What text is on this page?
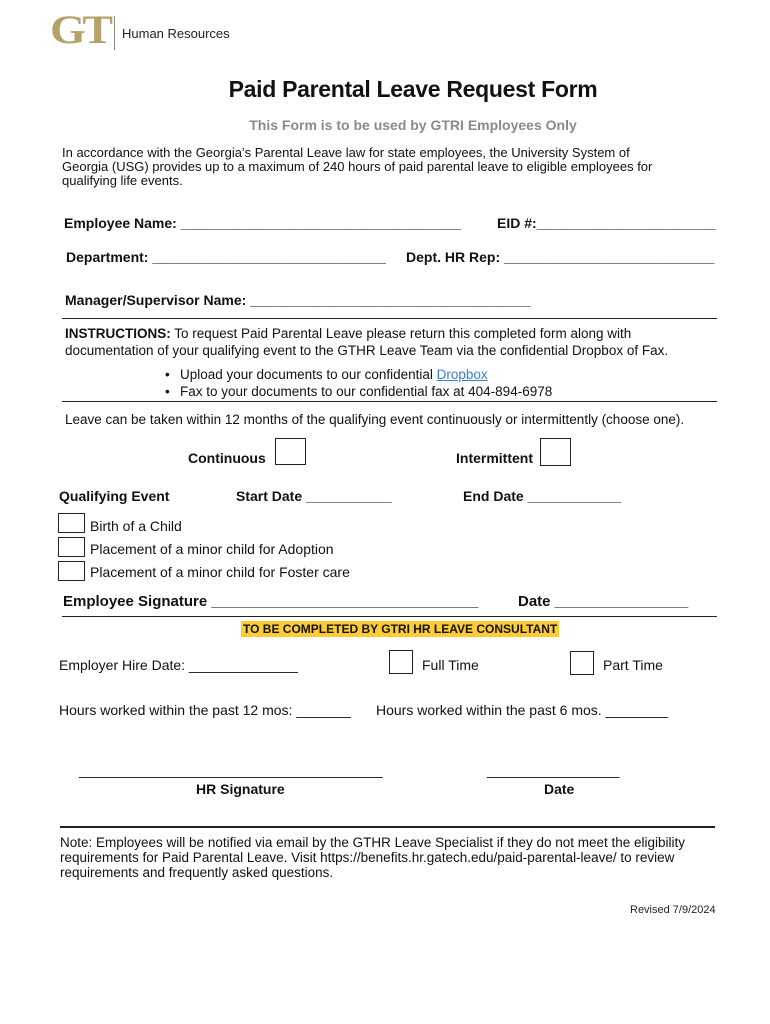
GT Human Resources
Paid Parental Leave Request Form
This Form is to be used by GTRI Employees Only
In accordance with the Georgia’s Parental Leave law for state employees, the University System of
Georgia (USG) provides up to a maximum of 240 hours of paid parental leave to eligible employees for
qualifying life events.
Employee Name: ____________________________________	EID #:_______________________
Department: ______________________________ Dept. HR Rep: ___________________________
Manager/Supervisor Name: ____________________________________
INSTRUCTIONS: To request Paid Parental Leave please return this completed form along with
documentation of your qualifying event to the GTHR Leave Team via the confidential Dropbox of Fax.
• Upload your documents to our confidential Dropbox
• Fax to your documents to our confidential fax at 404-894-6978
Leave can be taken within 12 months of the qualifying event continuously or intermittently (choose one).
Continuous	Intermittent
Qualifying Event	Start Date ___________	End Date ____________
Birth of a Child
Placement of a minor child for Adoption
Placement of a minor child for Foster care
Employee Signature ________________________________	Date ________________
TO BE COMPLETED BY GTRI HR LEAVE CONSULTANT
Employer Hire Date: ______________	Full Time	Part Time
Hours worked within the past 12 mos: _______ Hours worked within the past 6 mos. ________
_______________________________________	_________________
HR Signature	Date
Note: Employees will be notified via email by the GTHR Leave Specialist if they do not meet the eligibility
requirements for Paid Parental Leave. Visit https://benefits.hr.gatech.edu/paid-parental-leave/ to review
requirements and frequently asked questions.
Revised 7/9/2024
